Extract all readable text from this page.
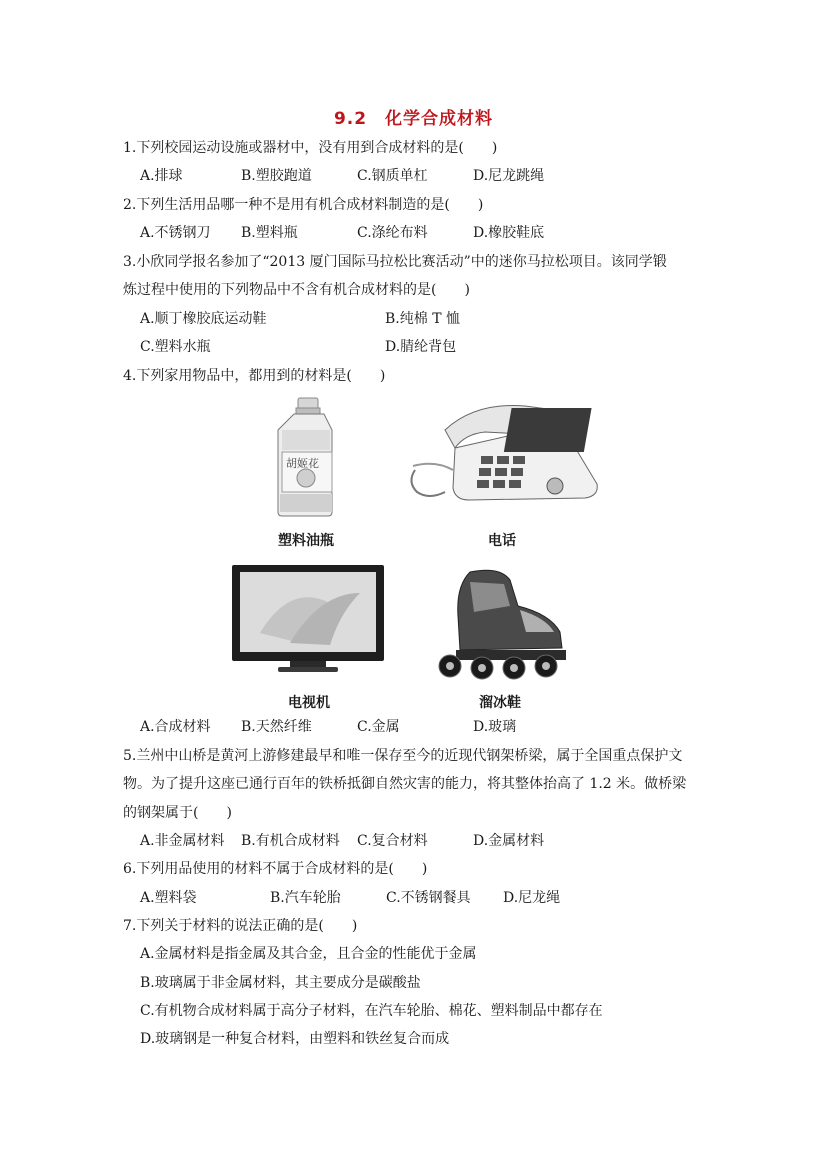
9.2　化学合成材料
1.下列校园运动设施或器材中，没有用到合成材料的是(　　)
A.排球	B.塑胶跑道	C.钢质单杠	D.尼龙跳绳
2.下列生活用品哪一种不是用有机合成材料制造的是(　　)
A.不锈钢刀 B.塑料瓶	C.涤纶布料	D.橡胶鞋底
3.小欣同学报名参加了“2013 厦门国际马拉松比赛活动”中的迷你马拉松项目。该同学锻
炼过程中使用的下列物品中不含有机合成材料的是(　　)
A.顺丁橡胶底运动鞋	B.纯棉 T 恤
C.塑料水瓶	D.腈纶背包
4.下列家用物品中，都用到的材料是(　　)
胡姬花
塑料油瓶	电话
电视机	溜冰鞋
A.合成材料 B.天然纤维	C.金属	D.玻璃
5.兰州中山桥是黄河上游修建最早和唯一保存至今的近现代钢架桥梁，属于全国重点保护文
物。为了提升这座已通行百年的铁桥抵御自然灾害的能力，将其整体抬高了 1.2 米。做桥梁
的钢架属于(　　)
A.非金属材料 B.有机合成材料 C.复合材料	D.金属材料
6.下列用品使用的材料不属于合成材料的是(　　)
A.塑料袋	B.汽车轮胎	C.不锈钢餐具 D.尼龙绳
7.下列关于材料的说法正确的是(　　)
A.金属材料是指金属及其合金，且合金的性能优于金属
B.玻璃属于非金属材料，其主要成分是碳酸盐
C.有机物合成材料属于高分子材料，在汽车轮胎、棉花、塑料制品中都存在
D.玻璃钢是一种复合材料，由塑料和铁丝复合而成
